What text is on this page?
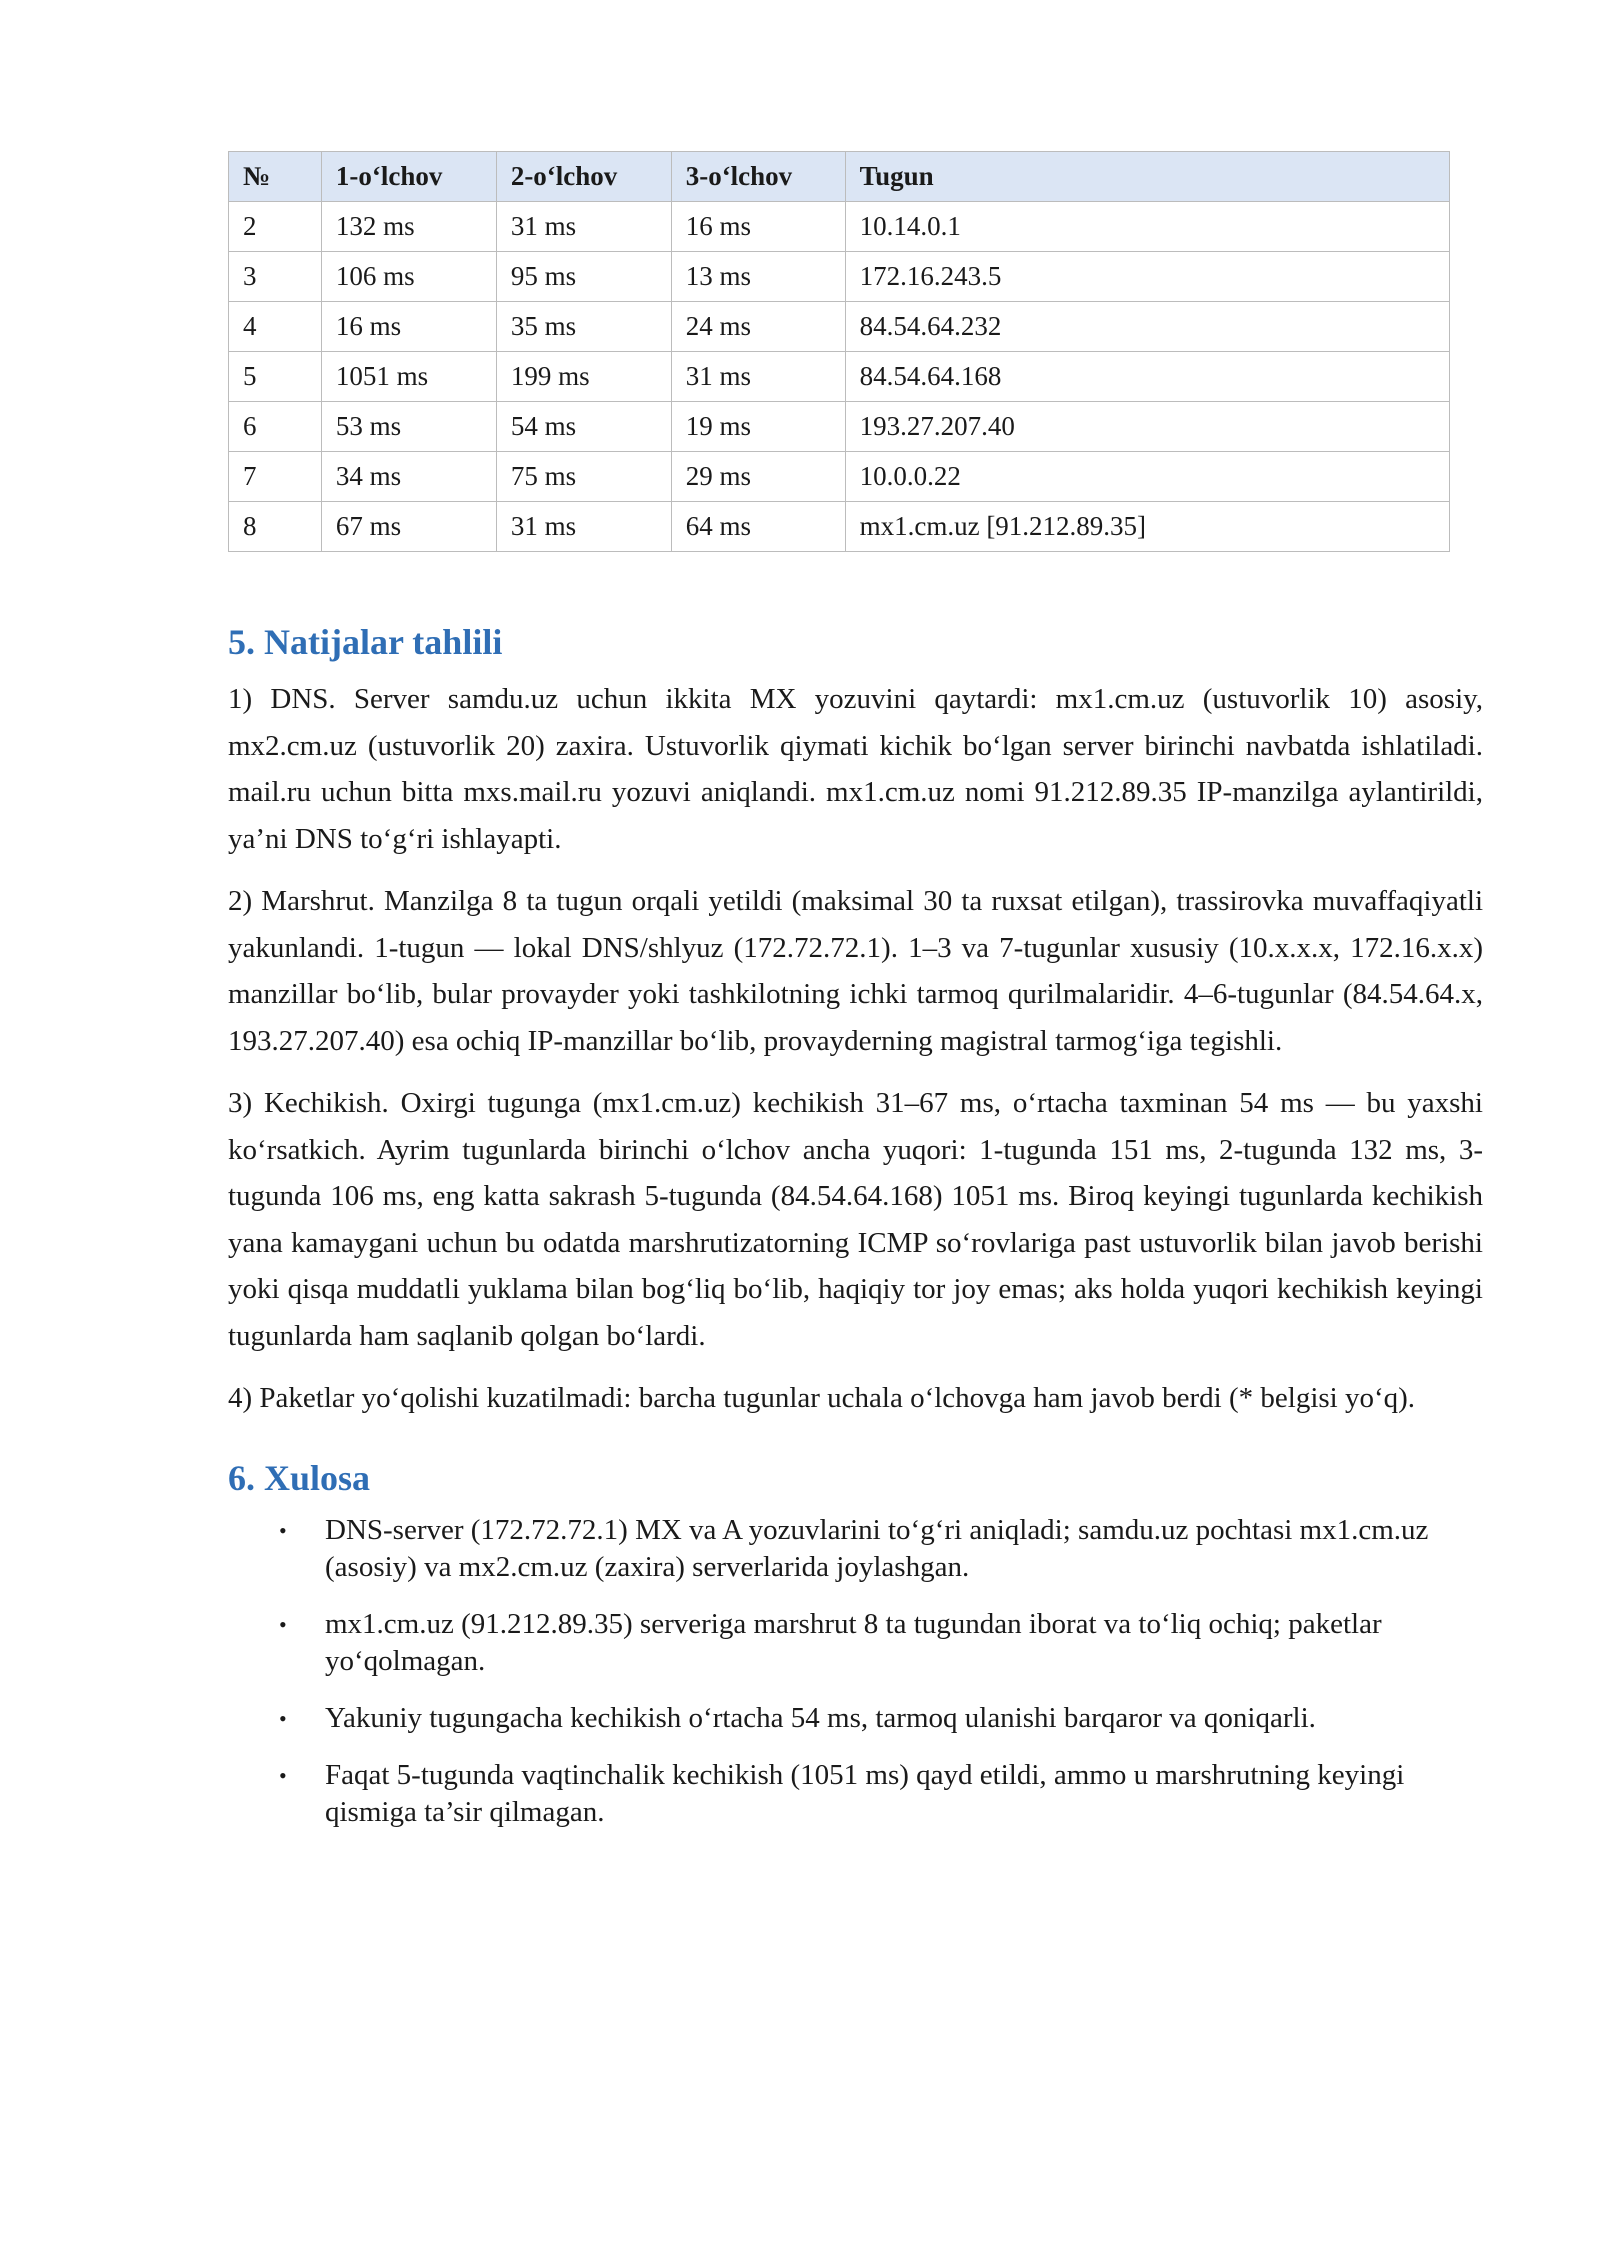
№	1-o‘lchov	2-o‘lchov	3-o‘lchov	Tugun
2	132 ms	31 ms	16 ms	10.14.0.1
3	106 ms	95 ms	13 ms	172.16.243.5
4	16 ms	35 ms	24 ms	84.54.64.232
5	1051 ms	199 ms	31 ms	84.54.64.168
6	53 ms	54 ms	19 ms	193.27.207.40
7	34 ms	75 ms	29 ms	10.0.0.22
8	67 ms	31 ms	64 ms	mx1.cm.uz [91.212.89.35]
5. Natijalar tahlili

1) DNS. Server samdu.uz uchun ikkita MX yozuvini qaytardi: mx1.cm.uz (ustuvorlik 10) asosiy, mx2.cm.uz (ustuvorlik 20) zaxira. Ustuvorlik qiymati kichik bo‘lgan server birinchi navbatda ishlatiladi. mail.ru uchun bitta mxs.mail.ru yozuvi aniqlandi. mx1.cm.uz nomi 91.212.89.35 IP-manzilga aylantirildi, ya’ni DNS to‘g‘ri ishlayapti.

2) Marshrut. Manzilga 8 ta tugun orqali yetildi (maksimal 30 ta ruxsat etilgan), trassirovka muvaffaqiyatli yakunlandi. 1-tugun — lokal DNS/shlyuz (172.72.72.1). 1–3 va 7-tugunlar xususiy (10.x.x.x, 172.16.x.x) manzillar bo‘lib, bular provayder yoki tashkilotning ichki tarmoq qurilmalaridir. 4–6-tugunlar (84.54.64.x, 193.27.207.40) esa ochiq IP-manzillar bo‘lib, provayderning magistral tarmog‘iga tegishli.

3) Kechikish. Oxirgi tugunga (mx1.cm.uz) kechikish 31–67 ms, o‘rtacha taxminan 54 ms — bu yaxshi ko‘rsatkich. Ayrim tugunlarda birinchi o‘lchov ancha yuqori: 1-tugunda 151 ms, 2-tugunda 132 ms, 3-tugunda 106 ms, eng katta sakrash 5-tugunda (84.54.64.168) 1051 ms. Biroq keyingi tugunlarda kechikish yana kamaygani uchun bu odatda marshrutizatorning ICMP so‘rovlariga past ustuvorlik bilan javob berishi yoki qisqa muddatli yuklama bilan bog‘liq bo‘lib, haqiqiy tor joy emas; aks holda yuqori kechikish keyingi tugunlarda ham saqlanib qolgan bo‘lardi.

4) Paketlar yo‘qolishi kuzatilmadi: barcha tugunlar uchala o‘lchovga ham javob berdi (* belgisi yo‘q).

6. Xulosa
• DNS-server (172.72.72.1) MX va A yozuvlarini to‘g‘ri aniqladi; samdu.uz pochtasi mx1.cm.uz (asosiy) va mx2.cm.uz (zaxira) serverlarida joylashgan.
• mx1.cm.uz (91.212.89.35) serveriga marshrut 8 ta tugundan iborat va to‘liq ochiq; paketlar yo‘qolmagan.
• Yakuniy tugungacha kechikish o‘rtacha 54 ms, tarmoq ulanishi barqaror va qoniqarli.
• Faqat 5-tugunda vaqtinchalik kechikish (1051 ms) qayd etildi, ammo u marshrutning keyingi qismiga ta’sir qilmagan.
